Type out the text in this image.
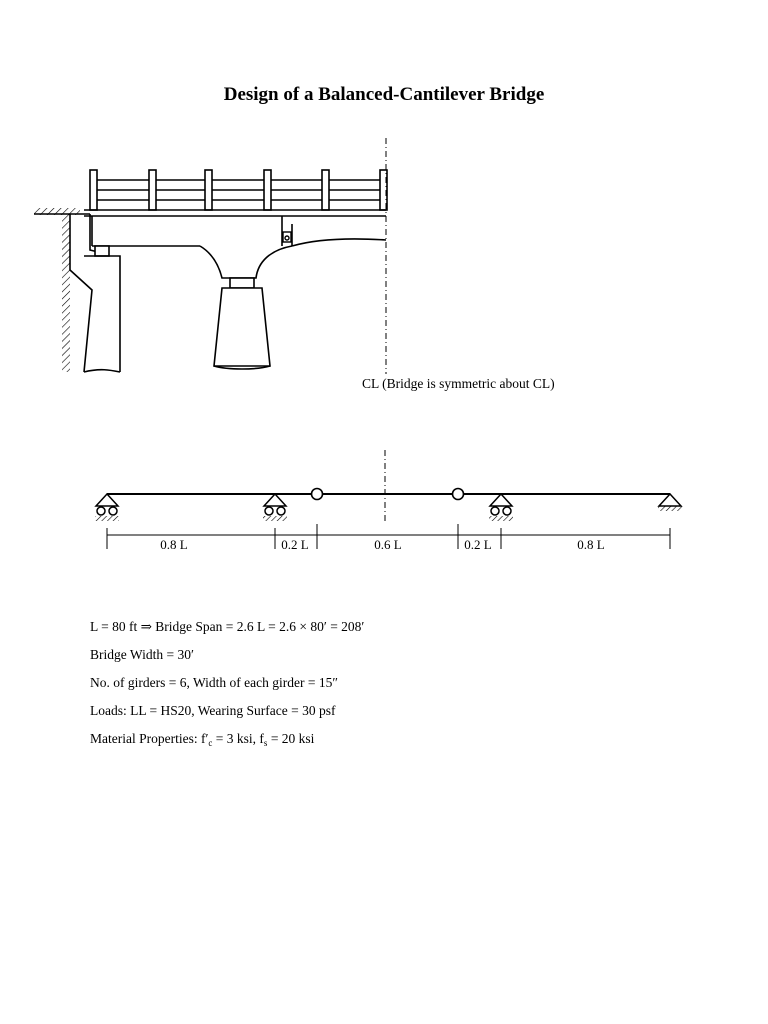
Design of a Balanced-Cantilever Bridge
CL (Bridge is symmetric about CL)
0.8 L	0.2 L	0.6 L	0.2 L	0.8 L

L = 80 ft ⇒ Bridge Span = 2.6 L = 2.6 × 80′ = 208′

Bridge Width = 30′

No. of girders = 6, Width of each girder = 15″

Loads: LL = HS20, Wearing Surface = 30 psf

Material Properties: $f'_c = 3$ ksi, $f_s = 20$ ksi
